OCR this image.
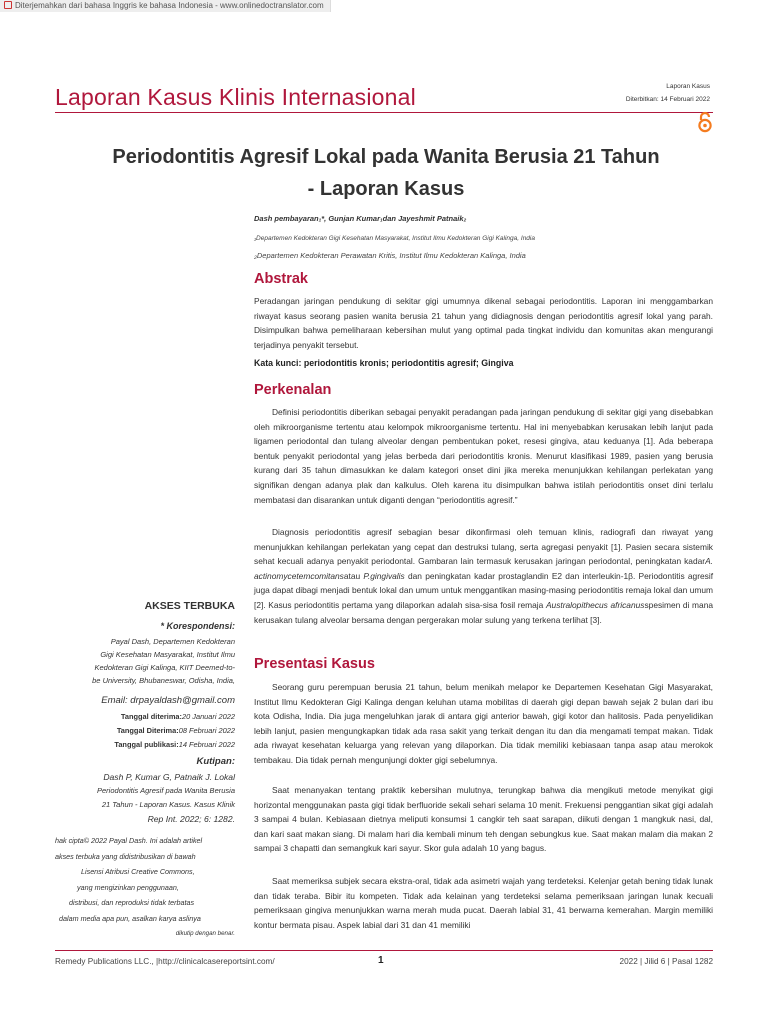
Diterjemahkan dari bahasa Inggris ke bahasa Indonesia - www.onlinedoctranslator.com
Laporan Kasus Klinis Internasional	Laporan Kasus
Diterbitkan: 14 Februari 2022
Periodontitis Agresif Lokal pada Wanita Berusia 21 Tahun
- Laporan Kasus
Dash pembayaran₁*, Gunjan Kumar₁dan Jayeshmit Patnaik₂
₁Departemen Kedokteran Gigi Kesehatan Masyarakat, Institut Ilmu Kedokteran Gigi Kalinga, India
₂Departemen Kedokteran Perawatan Kritis, Institut Ilmu Kedokteran Kalinga, India
Abstrak

Peradangan jaringan pendukung di sekitar gigi umumnya dikenal sebagai periodontitis. Laporan ini menggambarkan riwayat kasus seorang pasien wanita berusia 21 tahun yang didiagnosis dengan periodontitis agresif lokal yang parah. Disimpulkan bahwa pemeliharaan kebersihan mulut yang optimal pada tingkat individu dan komunitas akan mengurangi terjadinya penyakit tersebut.

Kata kunci: periodontitis kronis; periodontitis agresif; Gingiva
Perkenalan

Definisi periodontitis diberikan sebagai penyakit peradangan pada jaringan pendukung di sekitar gigi yang disebabkan oleh mikroorganisme tertentu atau kelompok mikroorganisme tertentu. Hal ini menyebabkan kerusakan lebih lanjut pada ligamen periodontal dan tulang alveolar dengan pembentukan poket, resesi gingiva, atau keduanya [1]. Ada beberapa bentuk penyakit periodontal yang jelas berbeda dari periodontitis kronis. Menurut klasifikasi 1989, pasien yang berusia kurang dari 35 tahun dimasukkan ke dalam kategori onset dini jika mereka menunjukkan kehilangan perlekatan yang signifikan dengan adanya plak dan kalkulus. Oleh karena itu disimpulkan bahwa istilah periodontitis onset dini terlalu membatasi dan disarankan untuk diganti dengan “periodontitis agresif.”

Diagnosis periodontitis agresif sebagian besar dikonfirmasi oleh temuan klinis, radiografi dan riwayat yang menunjukkan kehilangan perlekatan yang cepat dan destruksi tulang, serta agregasi penyakit [1]. Pasien secara sistemik sehat kecuali adanya penyakit periodontal. Gambaran lain termasuk kerusakan jaringan periodontal, peningkatan kadarA. actinomycetemcomitansatau P.gingivalis dan peningkatan kadar prostaglandin E2 dan interleukin-1β. Periodontitis agresif juga dapat dibagi menjadi bentuk lokal dan umum untuk menggantikan masing-masing periodontitis remaja lokal dan umum [2]. Kasus periodontitis pertama yang dilaporkan adalah sisa-sisa fosil remaja Australopithecus africanusspesimen di mana kerusakan tulang alveolar bersama dengan pergerakan molar sulung yang terkena terlihat [3].

Presentasi Kasus

Seorang guru perempuan berusia 21 tahun, belum menikah melapor ke Departemen Kesehatan Gigi Masyarakat, Institut Ilmu Kedokteran Gigi Kalinga dengan keluhan utama mobilitas di daerah gigi depan bawah sejak 2 bulan dari ibu kota Odisha, India. Dia juga mengeluhkan jarak di antara gigi anterior bawah, gigi kotor dan halitosis. Pada penyelidikan lebih lanjut, pasien mengungkapkan tidak ada rasa sakit yang terkait dengan itu dan dia mengamati tempat makan. Tidak ada riwayat kesehatan keluarga yang relevan yang dilaporkan. Dia tidak memiliki kebiasaan tanpa asap atau merokok tembakau. Dia tidak pernah mengunjungi dokter gigi sebelumnya.

Saat menanyakan tentang praktik kebersihan mulutnya, terungkap bahwa dia mengikuti metode menyikat gigi horizontal menggunakan pasta gigi tidak berfluoride sekali sehari selama 10 menit. Frekuensi penggantian sikat gigi adalah 3 sampai 4 bulan. Kebiasaan dietnya meliputi konsumsi 1 cangkir teh saat sarapan, diikuti dengan 1 mangkuk nasi, dal, dan kari saat makan siang. Di malam hari dia kembali minum teh dengan sebungkus kue. Saat makan malam dia makan 2 sampai 3 chapatti dan semangkuk kari sayur. Skor gula adalah 10 yang bagus.

Saat memeriksa subjek secara ekstra-oral, tidak ada asimetri wajah yang terdeteksi. Kelenjar getah bening tidak lunak dan tidak teraba. Bibir itu kompeten. Tidak ada kelainan yang terdeteksi selama pemeriksaan jaringan lunak kecuali pemeriksaan gingiva menunjukkan warna merah muda pucat. Daerah labial 31, 41 berwarna kemerahan. Margin memiliki kontur bermata pisau. Aspek labial dari 31 dan 41 memiliki

AKSES TERBUKA
* Korespondensi:
Payal Dash, Departemen Kedokteran
Gigi Kesehatan Masyarakat, Institut Ilmu
Kedokteran Gigi Kalinga, KIIT Deemed-to-
be University, Bhubaneswar, Odisha, India,
Email: drpayaldash@gmail.com
Tanggal diterima:20 Januari 2022
Tanggal Diterima:08 Februari 2022
Tanggal publikasi:14 Februari 2022
Kutipan:
Dash P, Kumar G, Patnaik J. Lokal
Periodontitis Agresif pada Wanita Berusia
21 Tahun - Laporan Kasus. Kasus Klinik
Rep Int. 2022; 6: 1282.
hak cipta© 2022 Payal Dash. Ini adalah artikel
akses terbuka yang didistribusikan di bawah
Lisensi Atribusi Creative Commons,
yang mengizinkan penggunaan,
distribusi, dan reproduksi tidak terbatas
dalam media apa pun, asalkan karya aslinya
dikutip dengan benar.
Remedy Publications LLC., |http://clinicalcasereportsint.com/	1	2022 | Jilid 6 | Pasal 1282
